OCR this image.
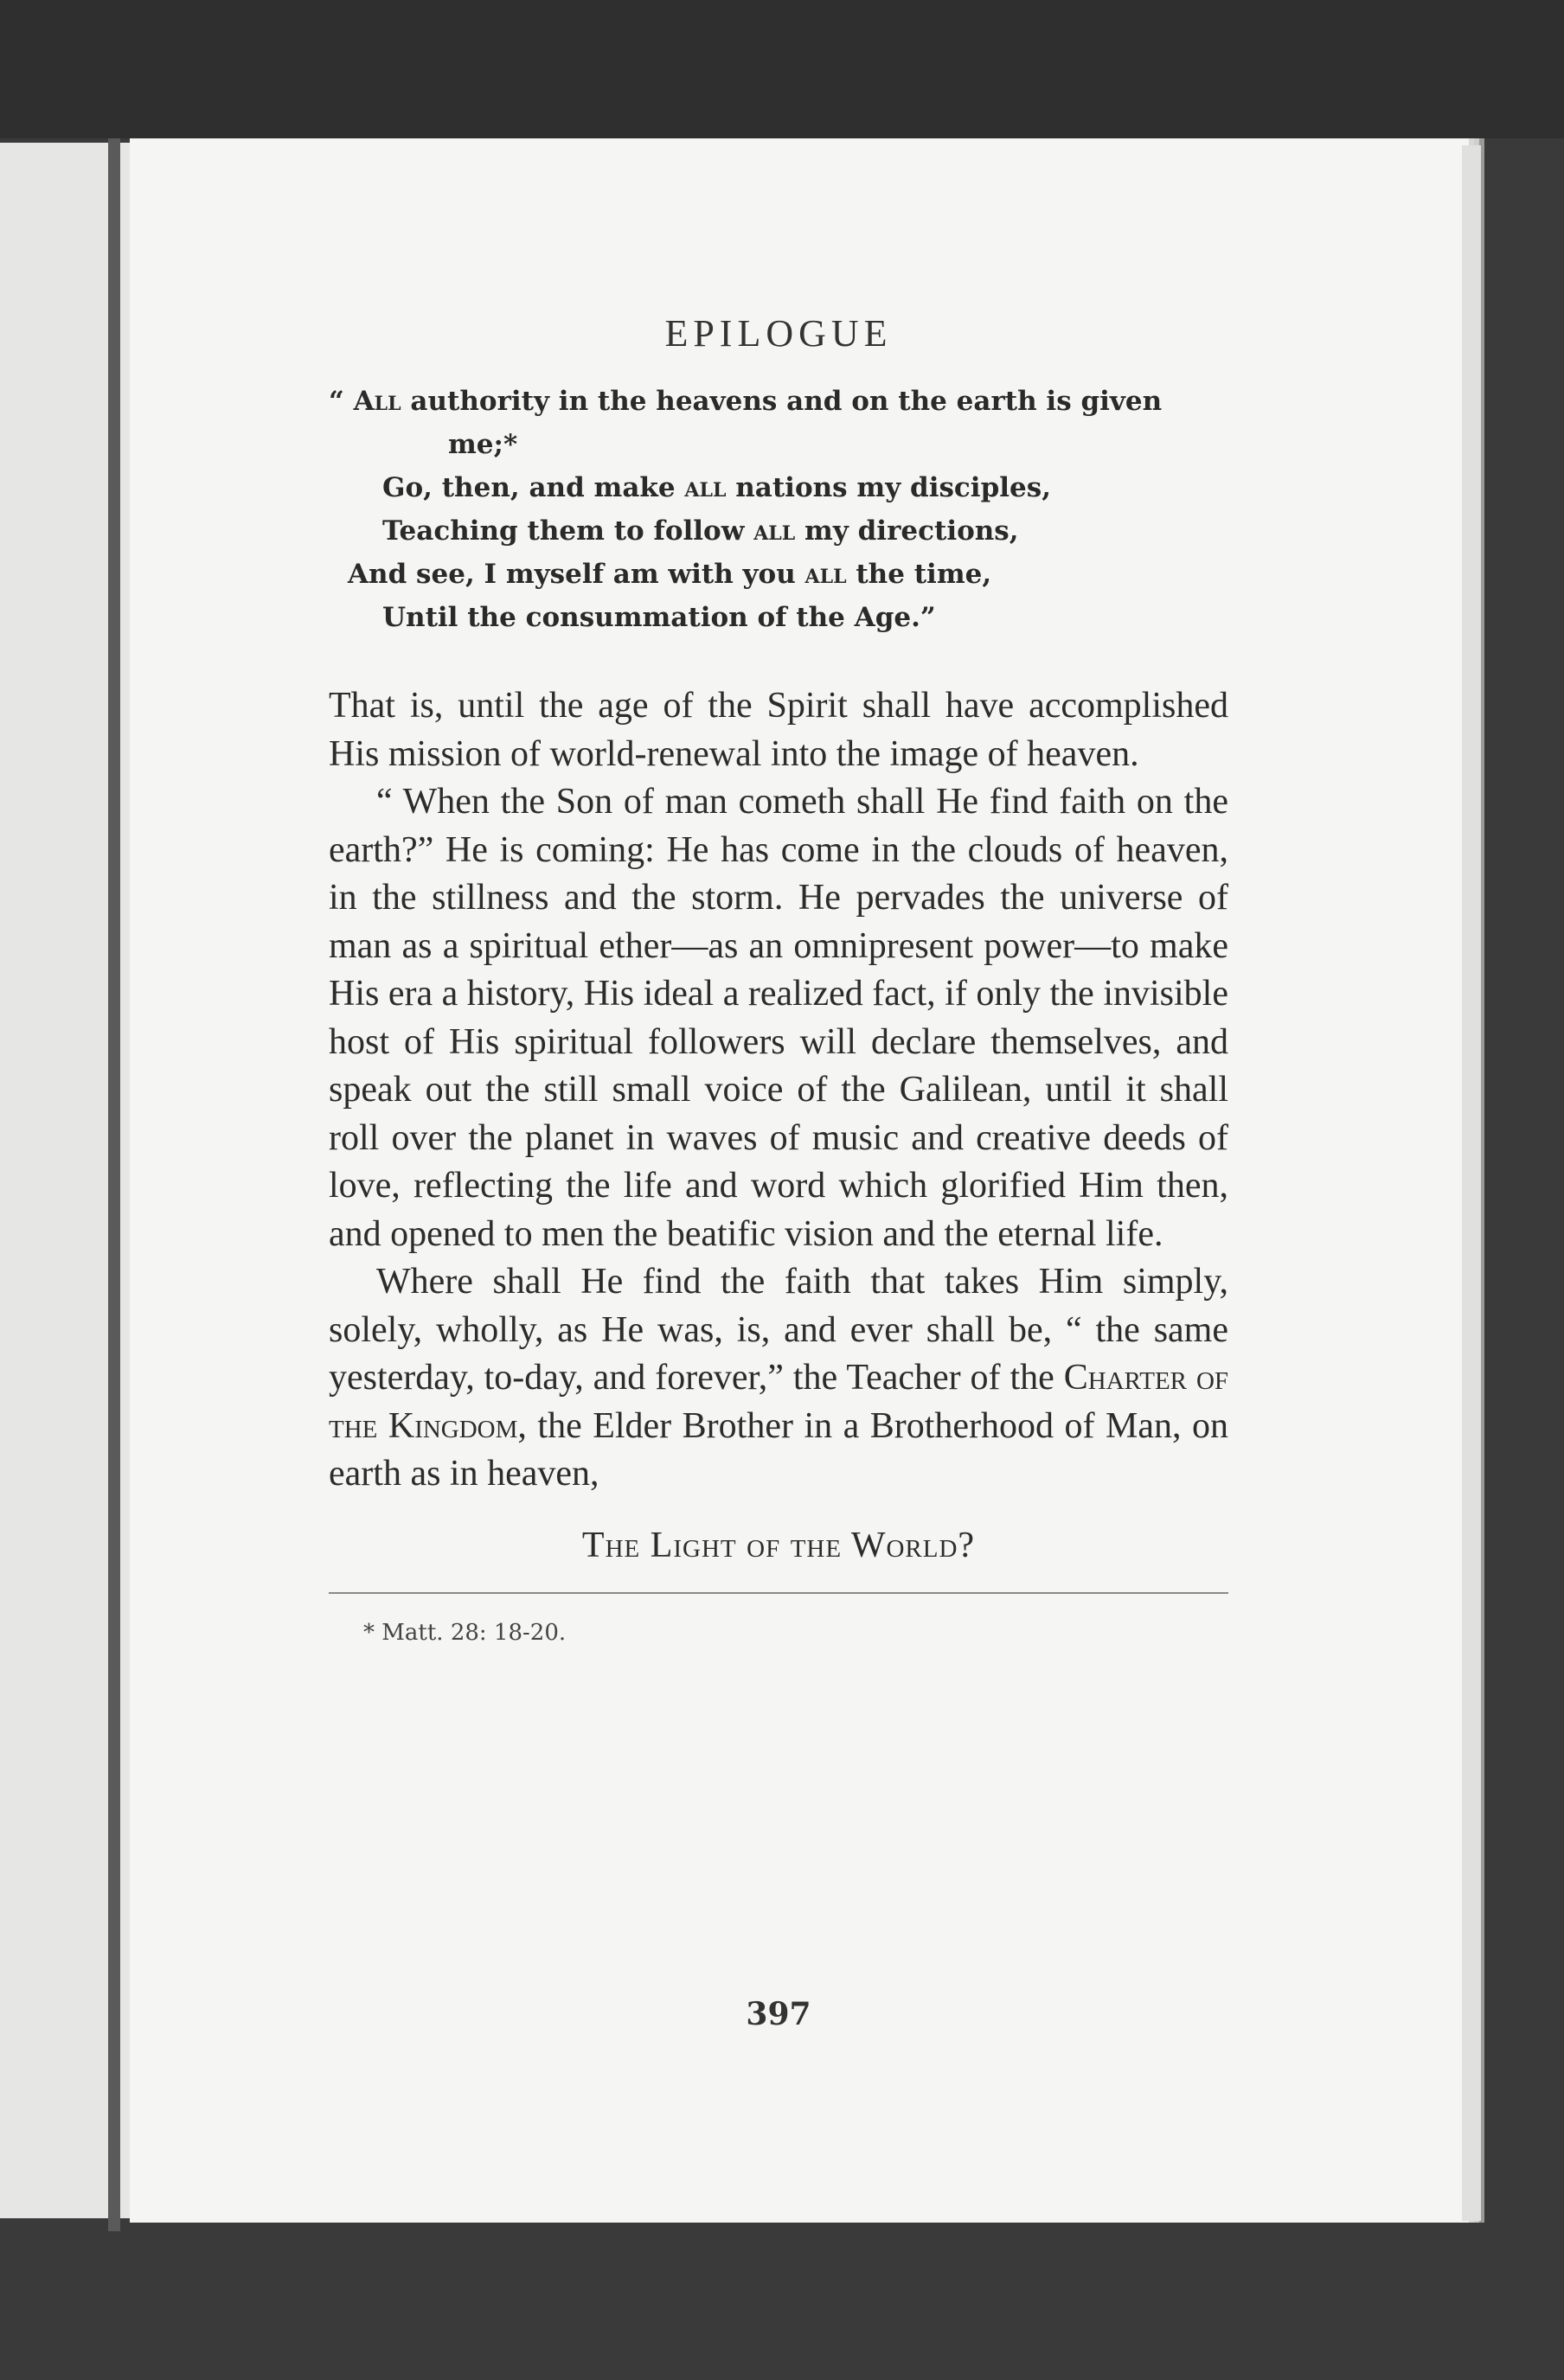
EPILOGUE
“ All authority in the heavens and on the earth is given
me;*
Go, then, and make all nations my disciples,
Teaching them to follow all my directions,
And see, I myself am with you all the time,
Until the consummation of the Age.”

That is, until the age of the Spirit shall have accomplished His mission of world-renewal into the image of heaven.

“ When the Son of man cometh shall He find faith on the earth?” He is coming: He has come in the clouds of heaven, in the stillness and the storm. He pervades the universe of man as a spiritual ether—as an omnipresent power—to make His era a history, His ideal a realized fact, if only the invisible host of His spiritual followers will declare themselves, and speak out the still small voice of the Galilean, until it shall roll over the planet in waves of music and creative deeds of love, reflecting the life and word which glorified Him then, and opened to men the beatific vision and the eternal life.

Where shall He find the faith that takes Him simply, solely, wholly, as He was, is, and ever shall be, “ the same yesterday, to-day, and forever,” the Teacher of the Charter of the Kingdom, the Elder Brother in a Brotherhood of Man, on earth as in heaven,

The Light of the World?
* Matt. 28: 18-20.
397
